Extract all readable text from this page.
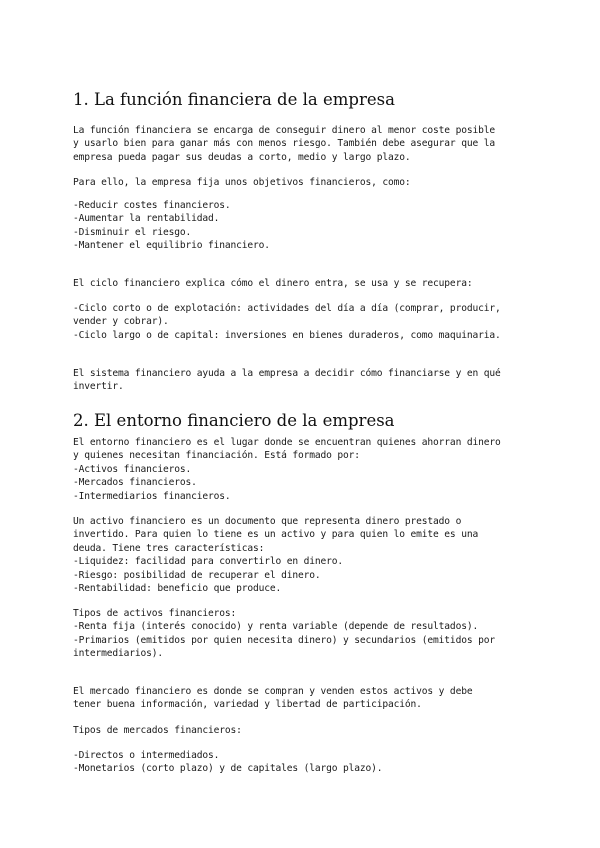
1. La función financiera de la empresa

La función financiera se encarga de conseguir dinero al menor coste posible

y usarlo bien para ganar más con menos riesgo. También debe asegurar que la

empresa pueda pagar sus deudas a corto, medio y largo plazo.

Para ello, la empresa fija unos objetivos financieros, como:

-Reducir costes financieros.

-Aumentar la rentabilidad.

-Disminuir el riesgo.

-Mantener el equilibrio financiero.

El ciclo financiero explica cómo el dinero entra, se usa y se recupera:

-Ciclo corto o de explotación: actividades del día a día (comprar, producir,

vender y cobrar).

-Ciclo largo o de capital: inversiones en bienes duraderos, como maquinaria.

El sistema financiero ayuda a la empresa a decidir cómo financiarse y en qué

invertir.

2. El entorno financiero de la empresa

El entorno financiero es el lugar donde se encuentran quienes ahorran dinero

y quienes necesitan financiación. Está formado por:

-Activos financieros.

-Mercados financieros.

-Intermediarios financieros.

Un activo financiero es un documento que representa dinero prestado o

invertido. Para quien lo tiene es un activo y para quien lo emite es una

deuda. Tiene tres características:

-Liquidez: facilidad para convertirlo en dinero.

-Riesgo: posibilidad de recuperar el dinero.

-Rentabilidad: beneficio que produce.

Tipos de activos financieros:

-Renta fija (interés conocido) y renta variable (depende de resultados).

-Primarios (emitidos por quien necesita dinero) y secundarios (emitidos por

intermediarios).

El mercado financiero es donde se compran y venden estos activos y debe

tener buena información, variedad y libertad de participación.

Tipos de mercados financieros:

-Directos o intermediados.

-Monetarios (corto plazo) y de capitales (largo plazo).
